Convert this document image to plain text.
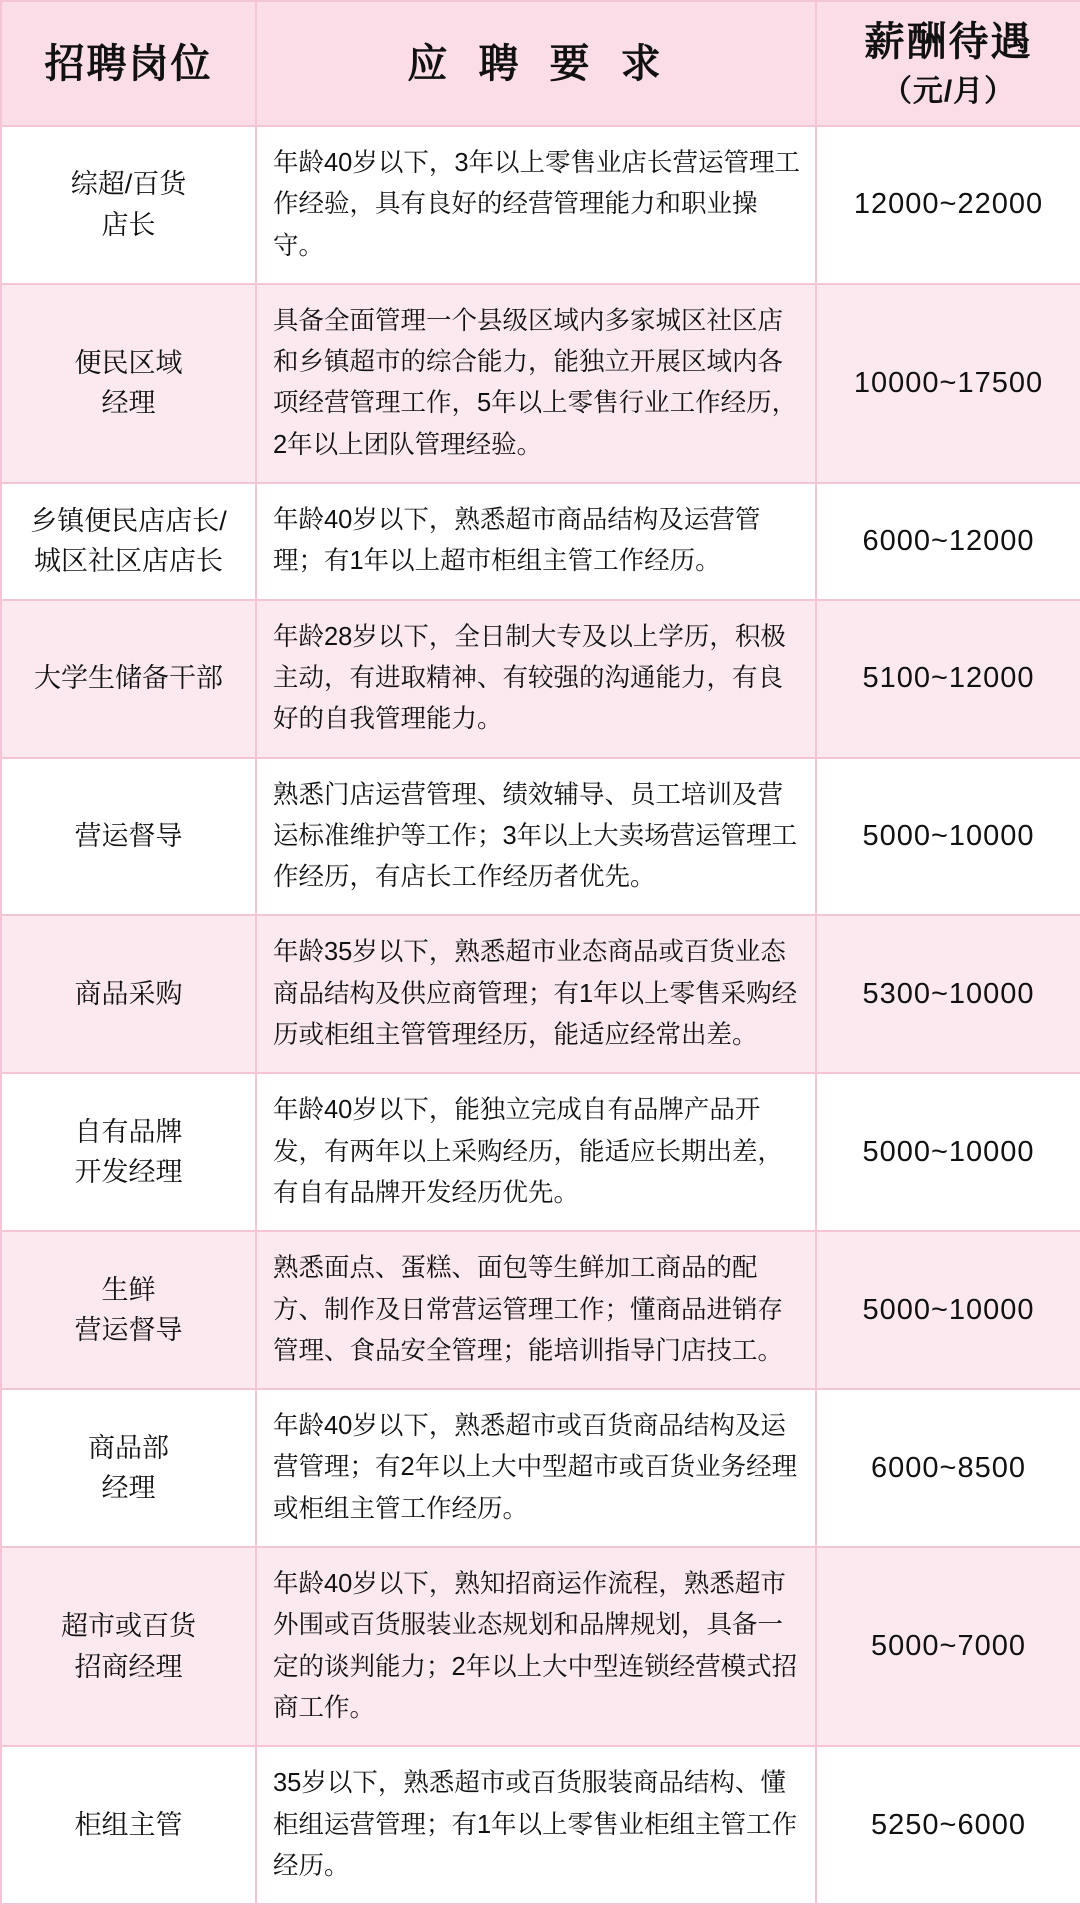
招聘岗位	应 聘 要 求	薪酬待遇
（元/月）

综超/百货
店长	年龄40岁以下，3年以上零售业店长营运管理工作经验，具有良好的经营管理能力和职业操守。	12000~22000
便民区域
经理	具备全面管理一个县级区域内多家城区社区店和乡镇超市的综合能力，能独立开展区域内各项经营管理工作，5年以上零售行业工作经历，2年以上团队管理经验。	10000~17500
乡镇便民店店长/
城区社区店店长	年龄40岁以下，熟悉超市商品结构及运营管理；有1年以上超市柜组主管工作经历。	6000~12000
大学生储备干部	年龄28岁以下，全日制大专及以上学历，积极主动，有进取精神、有较强的沟通能力，有良好的自我管理能力。	5100~12000
营运督导	熟悉门店运营管理、绩效辅导、员工培训及营运标准维护等工作；3年以上大卖场营运管理工作经历，有店长工作经历者优先。	5000~10000
商品采购	年龄35岁以下，熟悉超市业态商品或百货业态商品结构及供应商管理；有1年以上零售采购经历或柜组主管管理经历，能适应经常出差。	5300~10000
自有品牌
开发经理	年龄40岁以下，能独立完成自有品牌产品开发，有两年以上采购经历，能适应长期出差，有自有品牌开发经历优先。	5000~10000
生鲜
营运督导	熟悉面点、蛋糕、面包等生鲜加工商品的配方、制作及日常营运管理工作；懂商品进销存管理、食品安全管理；能培训指导门店技工。	5000~10000
商品部
经理	年龄40岁以下，熟悉超市或百货商品结构及运营管理；有2年以上大中型超市或百货业务经理或柜组主管工作经历。	6000~8500
超市或百货
招商经理	年龄40岁以下，熟知招商运作流程，熟悉超市外围或百货服装业态规划和品牌规划，具备一定的谈判能力；2年以上大中型连锁经营模式招商工作。	5000~7000
柜组主管	35岁以下，熟悉超市或百货服装商品结构、懂柜组运营管理；有1年以上零售业柜组主管工作经历。	5250~6000
